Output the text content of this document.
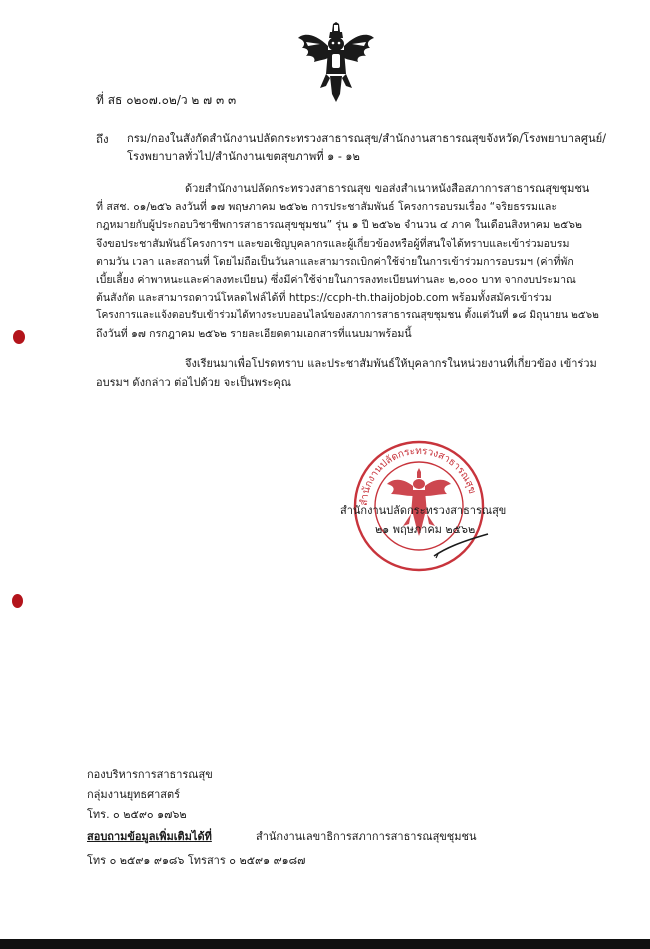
ที่ สธ ๐๒๐๗.๐๒/ว ๒ ๗ ๓ ๓
ถึง กรม/กองในสังกัดสำนักงานปลัดกระทรวงสาธารณสุข/สำนักงานสาธารณสุขจังหวัด/โรงพยาบาลศูนย์/
โรงพยาบาลทั่วไป/สำนักงานเขตสุขภาพที่ ๑ - ๑๒
ด้วยสำนักงานปลัดกระทรวงสาธารณสุข ขอส่งสำเนาหนังสือสภาการสาธารณสุขชุมชน
ที่ สสช. ๐๑/๒๕๖ ลงวันที่ ๑๗ พฤษภาคม ๒๕๖๒ การประชาสัมพันธ์ โครงการอบรมเรื่อง “จริยธรรมและ
กฎหมายกับผู้ประกอบวิชาชีพการสาธารณสุขชุมชน” รุ่น ๑ ปี ๒๕๖๒ จำนวน ๔ ภาค ในเดือนสิงหาคม ๒๕๖๒
จึงขอประชาสัมพันธ์โครงการฯ และขอเชิญบุคลากรและผู้เกี่ยวข้องหรือผู้ที่สนใจได้ทราบและเข้าร่วมอบรม
ตามวัน เวลา และสถานที่ โดยไม่ถือเป็นวันลาและสามารถเบิกค่าใช้จ่ายในการเข้าร่วมการอบรมฯ (ค่าที่พัก
เบี้ยเลี้ยง ค่าพาหนะและค่าลงทะเบียน) ซึ่งมีค่าใช้จ่ายในการลงทะเบียนท่านละ ๒,๐๐๐ บาท จากงบประมาณ
ต้นสังกัด และสามารถดาวน์โหลดไฟล์ได้ที่ https://ccph-th.thaijobjob.com พร้อมทั้งสมัครเข้าร่วม
โครงการและแจ้งตอบรับเข้าร่วมได้ทางระบบออนไลน์ของสภาการสาธารณสุขชุมชน ตั้งแต่วันที่ ๑๘ มิถุนายน ๒๕๖๒
ถึงวันที่ ๑๗ กรกฎาคม ๒๕๖๒ รายละเอียดตามเอกสารที่แนบมาพร้อมนี้
จึงเรียนมาเพื่อโปรดทราบ และประชาสัมพันธ์ให้บุคลากรในหน่วยงานที่เกี่ยวข้อง เข้าร่วม
อบรมฯ ดังกล่าว ต่อไปด้วย จะเป็นพระคุณ
สำนักงานปลัดกระทรวงสาธารณสุข
สำนักงานปลัดกระทรวงสาธารณสุข
๒๑ พฤษภาคม ๒๕๖๒
กองบริหารการสาธารณสุข
กลุ่มงานยุทธศาสตร์
โทร. ๐ ๒๕๙๐ ๑๗๖๒
สอบถามข้อมูลเพิ่มเติมได้ที่	สำนักงานเลขาธิการสภาการสาธารณสุขชุมชน
โทร ๐ ๒๕๙๑ ๙๑๘๖ โทรสาร ๐ ๒๕๙๑ ๙๑๘๗
